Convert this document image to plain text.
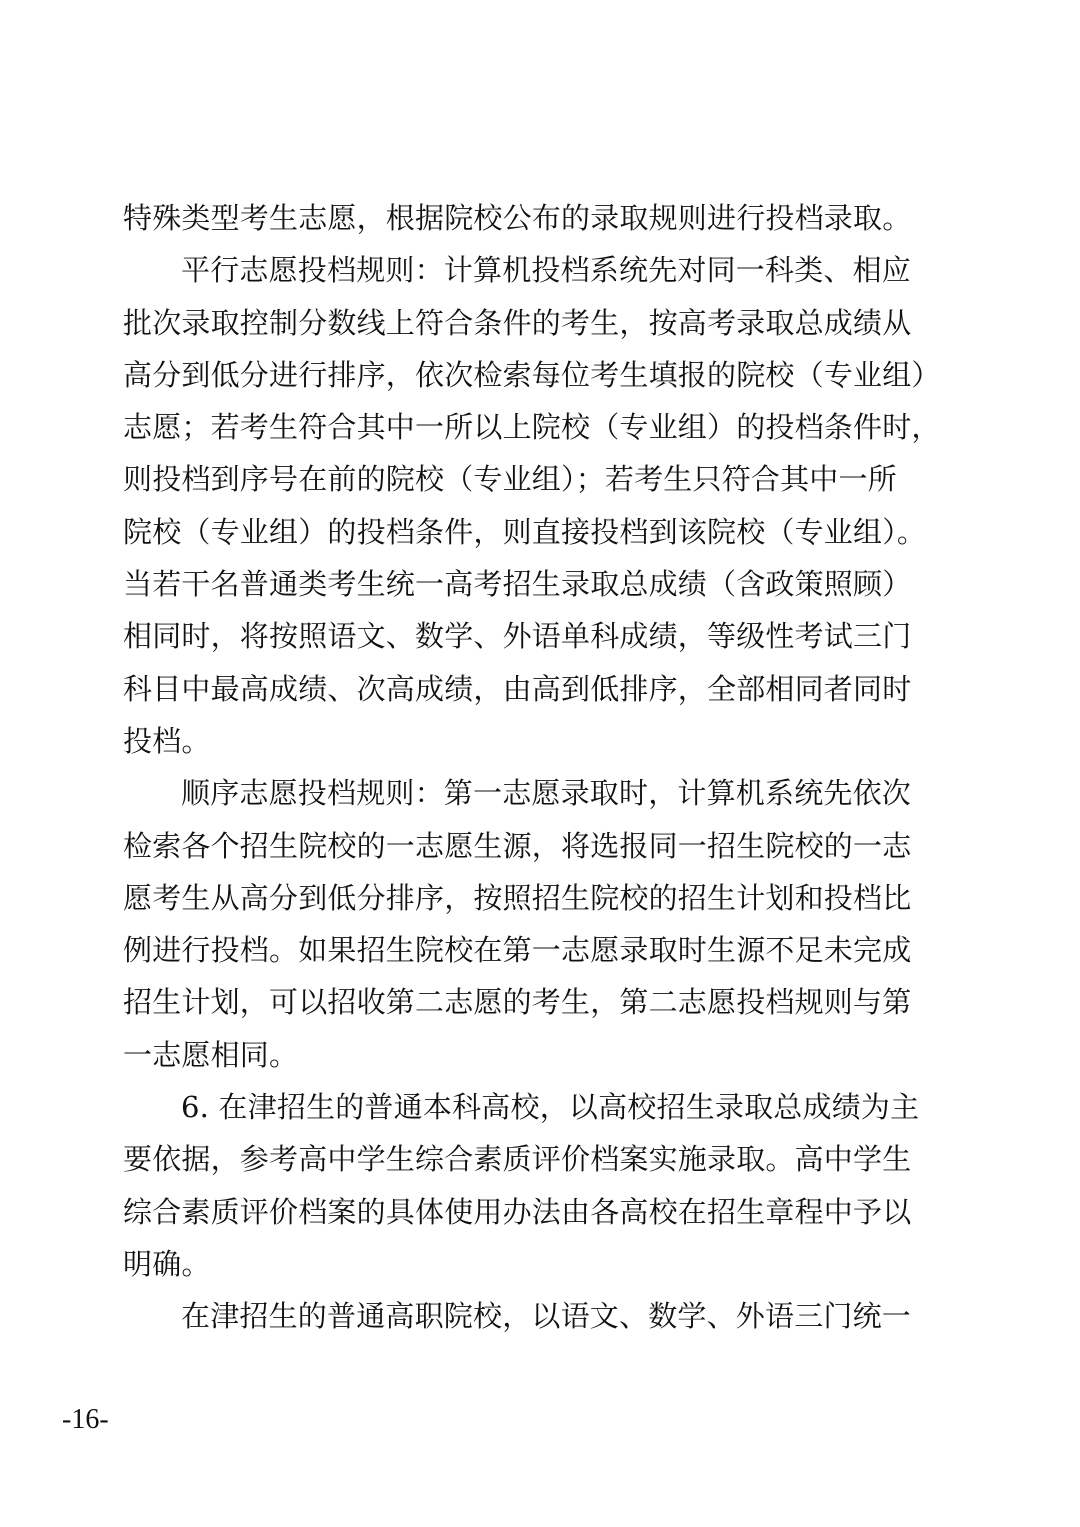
特殊类型考生志愿，根据院校公布的录取规则进行投档录取。
平行志愿投档规则：计算机投档系统先对同一科类、相应
批次录取控制分数线上符合条件的考生，按高考录取总成绩从
高分到低分进行排序，依次检索每位考生填报的院校（专业组）
志愿；若考生符合其中一所以上院校（专业组）的投档条件时，
则投档到序号在前的院校（专业组）；若考生只符合其中一所
院校（专业组）的投档条件，则直接投档到该院校（专业组）。
当若干名普通类考生统一高考招生录取总成绩（含政策照顾）
相同时，将按照语文、数学、外语单科成绩，等级性考试三门
科目中最高成绩、次高成绩，由高到低排序，全部相同者同时
投档。
顺序志愿投档规则：第一志愿录取时，计算机系统先依次
检索各个招生院校的一志愿生源，将选报同一招生院校的一志
愿考生从高分到低分排序，按照招生院校的招生计划和投档比
例进行投档。如果招生院校在第一志愿录取时生源不足未完成
招生计划，可以招收第二志愿的考生，第二志愿投档规则与第
一志愿相同。
6. 在津招生的普通本科高校，以高校招生录取总成绩为主
要依据，参考高中学生综合素质评价档案实施录取。高中学生
综合素质评价档案的具体使用办法由各高校在招生章程中予以
明确。
在津招生的普通高职院校，以语文、数学、外语三门统一
-16-
